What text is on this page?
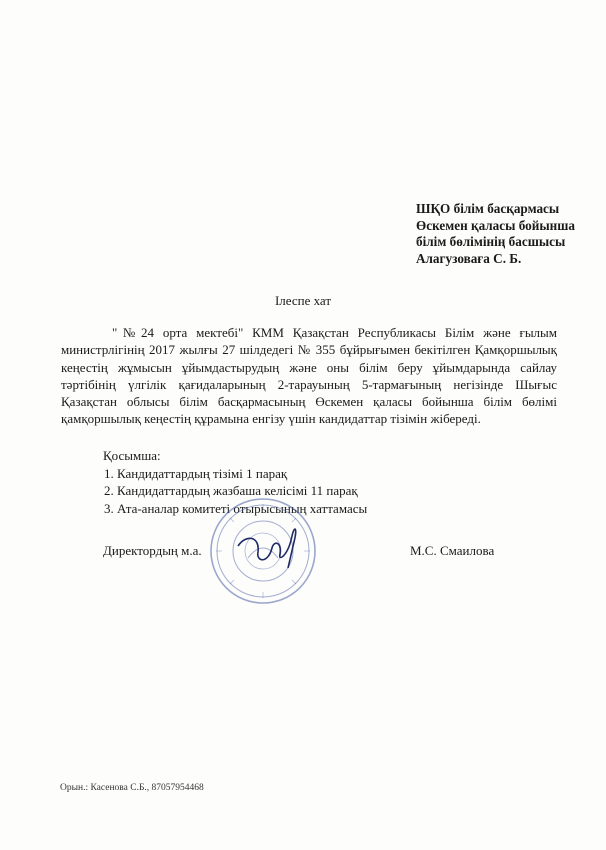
ШҚО білім басқармасы
Өскемен қаласы бойынша
білім бөлімінің басшысы
Алагузоваға С. Б.
Ілеспе хат

"№24 орта мектебі" КММ Қазақстан Республикасы Білім және ғылым министрлігінің 2017 жылғы 27 шілдедегі № 355 бұйрығымен бекітілген Қамқоршылық кеңестің жұмысын ұйымдастырудың және оны білім беру ұйымдарында сайлау тәртібінің үлгілік қағидаларының 2-тарауының 5-тармағының негізінде Шығыс Қазақстан облысы білім басқармасының Өскемен қаласы бойынша білім бөлімі қамқоршылық кеңестің құрамына енгізу үшін кандидаттар тізімін жібереді.

Қосымша:
1. Кандидаттардың тізімі 1 парақ
2. Кандидаттардың жазбаша келісімі 11 парақ
3. Ата-аналар комитеті отырысының хаттамасы
Директордың м.а.	М.С. Смаилова
Орын.: Касенова С.Б., 87057954468
